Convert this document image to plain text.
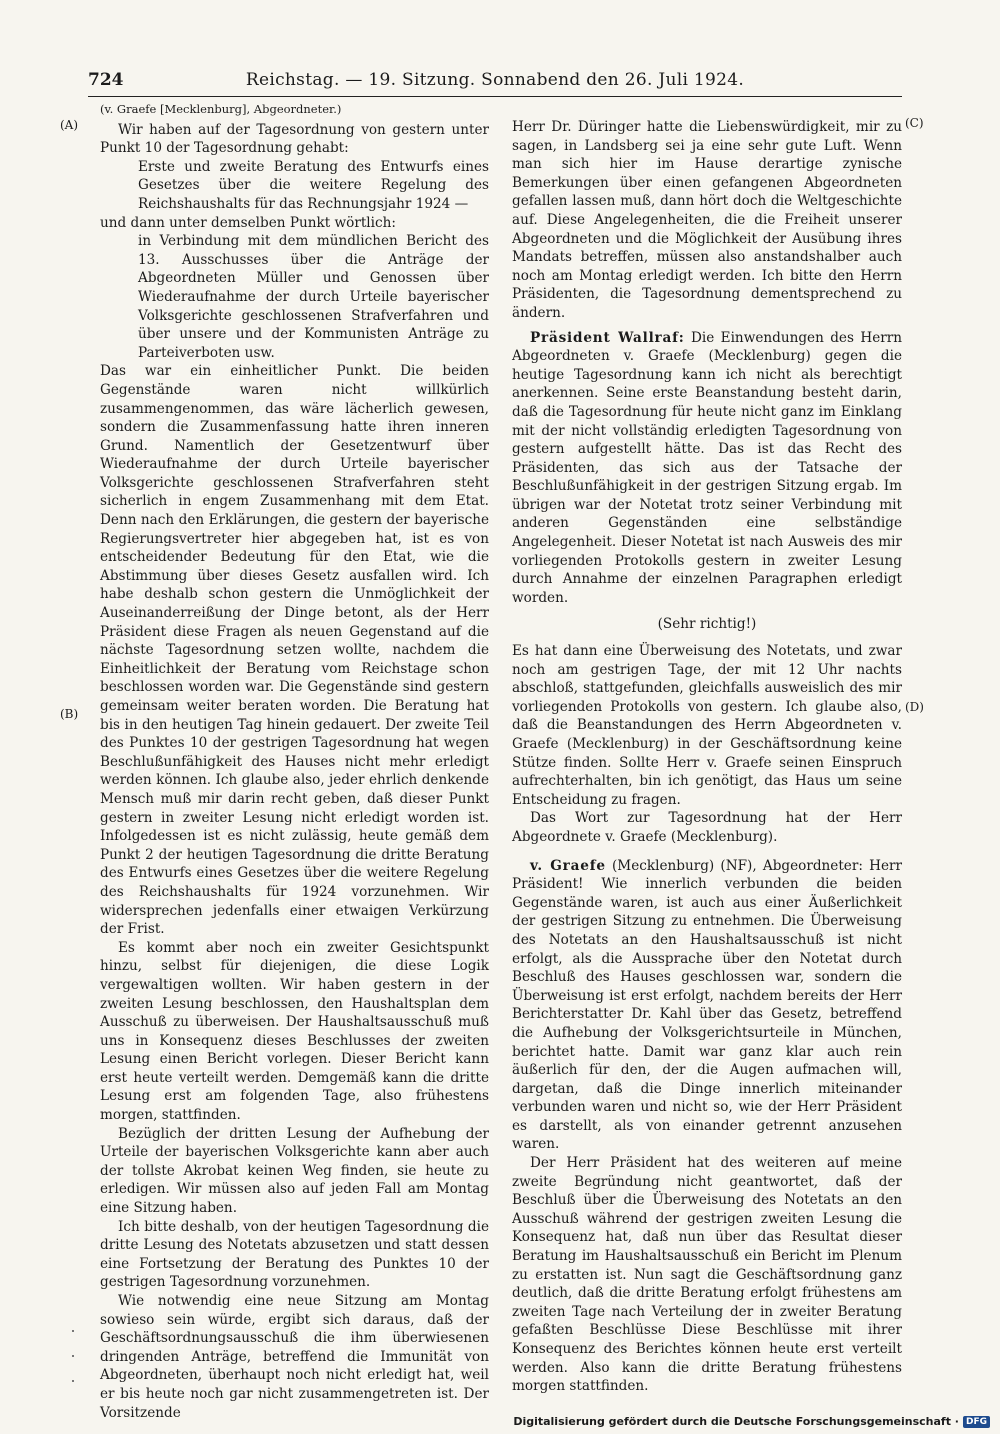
724	Reichstag. — 19. Sitzung. Sonnabend den 26. Juli 1924.
(A)
(B)
(C)
(D)

(v. Graefe [Mecklenburg], Abgeordneter.)

Wir haben auf der Tagesordnung von gestern unter Punkt 10 der Tagesordnung gehabt:

Erste und zweite Beratung des Entwurfs eines Gesetzes über die weitere Regelung des Reichshaushalts für das Rechnungsjahr 1924 —

und dann unter demselben Punkt wörtlich:

in Verbindung mit dem mündlichen Bericht des 13. Ausschusses über die Anträge der Abgeordneten Müller und Genossen über Wiederaufnahme der durch Urteile bayerischer Volksgerichte geschlossenen Strafverfahren und über unsere und der Kommunisten Anträge zu Parteiverboten usw.

Das war ein einheitlicher Punkt. Die beiden Gegenstände waren nicht willkürlich zusammengenommen, das wäre lächerlich gewesen, sondern die Zusammenfassung hatte ihren inneren Grund. Namentlich der Gesetzentwurf über Wiederaufnahme der durch Urteile bayerischer Volksgerichte geschlossenen Strafverfahren steht sicherlich in engem Zusammenhang mit dem Etat. Denn nach den Erklärungen, die gestern der bayerische Regierungsvertreter hier abgegeben hat, ist es von entscheidender Bedeutung für den Etat, wie die Abstimmung über dieses Gesetz ausfallen wird. Ich habe deshalb schon gestern die Unmöglichkeit der Auseinanderreißung der Dinge betont, als der Herr Präsident diese Fragen als neuen Gegenstand auf die nächste Tagesordnung setzen wollte, nachdem die Einheitlichkeit der Beratung vom Reichstage schon beschlossen worden war. Die Gegenstände sind gestern gemeinsam weiter beraten worden. Die Beratung hat bis in den heutigen Tag hinein gedauert. Der zweite Teil des Punktes 10 der gestrigen Tagesordnung hat wegen Beschlußunfähigkeit des Hauses nicht mehr erledigt werden können. Ich glaube also, jeder ehrlich denkende Mensch muß mir darin recht geben, daß dieser Punkt gestern in zweiter Lesung nicht erledigt worden ist. Infolgedessen ist es nicht zulässig, heute gemäß dem Punkt 2 der heutigen Tagesordnung die dritte Beratung des Entwurfs eines Gesetzes über die weitere Regelung des Reichshaushalts für 1924 vorzunehmen. Wir widersprechen jedenfalls einer etwaigen Verkürzung der Frist.

Es kommt aber noch ein zweiter Gesichtspunkt hinzu, selbst für diejenigen, die diese Logik vergewaltigen wollten. Wir haben gestern in der zweiten Lesung beschlossen, den Haushaltsplan dem Ausschuß zu überweisen. Der Haushaltsausschuß muß uns in Konsequenz dieses Beschlusses der zweiten Lesung einen Bericht vorlegen. Dieser Bericht kann erst heute verteilt werden. Demgemäß kann die dritte Lesung erst am folgenden Tage, also frühestens morgen, stattfinden.

Bezüglich der dritten Lesung der Aufhebung der Urteile der bayerischen Volksgerichte kann aber auch der tollste Akrobat keinen Weg finden, sie heute zu erledigen. Wir müssen also auf jeden Fall am Montag eine Sitzung haben.

Ich bitte deshalb, von der heutigen Tagesordnung die dritte Lesung des Notetats abzusetzen und statt dessen eine Fortsetzung der Beratung des Punktes 10 der gestrigen Tagesordnung vorzunehmen.

Wie notwendig eine neue Sitzung am Montag sowieso sein würde, ergibt sich daraus, daß der Geschäftsordnungsausschuß die ihm überwiesenen dringenden Anträge, betreffend die Immunität von Abgeordneten, überhaupt noch nicht erledigt hat, weil er bis heute noch gar nicht zusammengetreten ist. Der Vorsitzende

Herr Dr. Düringer hatte die Liebenswürdigkeit, mir zu sagen, in Landsberg sei ja eine sehr gute Luft. Wenn man sich hier im Hause derartige zynische Bemerkungen über einen gefangenen Abgeordneten gefallen lassen muß, dann hört doch die Weltgeschichte auf. Diese Angelegenheiten, die die Freiheit unserer Abgeordneten und die Möglichkeit der Ausübung ihres Mandats betreffen, müssen also anstandshalber auch noch am Montag erledigt werden. Ich bitte den Herrn Präsidenten, die Tagesordnung dementsprechend zu ändern.

Präsident Wallraf: Die Einwendungen des Herrn Abgeordneten v. Graefe (Mecklenburg) gegen die heutige Tagesordnung kann ich nicht als berechtigt anerkennen. Seine erste Beanstandung besteht darin, daß die Tagesordnung für heute nicht ganz im Einklang mit der nicht vollständig erledigten Tagesordnung von gestern aufgestellt hätte. Das ist das Recht des Präsidenten, das sich aus der Tatsache der Beschlußunfähigkeit in der gestrigen Sitzung ergab. Im übrigen war der Notetat trotz seiner Verbindung mit anderen Gegenständen eine selbständige Angelegenheit. Dieser Notetat ist nach Ausweis des mir vorliegenden Protokolls gestern in zweiter Lesung durch Annahme der einzelnen Paragraphen erledigt worden.

(Sehr richtig!)

Es hat dann eine Überweisung des Notetats, und zwar noch am gestrigen Tage, der mit 12 Uhr nachts abschloß, stattgefunden, gleichfalls ausweislich des mir vorliegenden Protokolls von gestern. Ich glaube also, daß die Beanstandungen des Herrn Abgeordneten v. Graefe (Mecklenburg) in der Geschäftsordnung keine Stütze finden. Sollte Herr v. Graefe seinen Einspruch aufrechterhalten, bin ich genötigt, das Haus um seine Entscheidung zu fragen.

Das Wort zur Tagesordnung hat der Herr Abgeordnete v. Graefe (Mecklenburg).

v. Graefe (Mecklenburg) (NF), Abgeordneter: Herr Präsident! Wie innerlich verbunden die beiden Gegenstände waren, ist auch aus einer Äußerlichkeit der gestrigen Sitzung zu entnehmen. Die Überweisung des Notetats an den Haushaltsausschuß ist nicht erfolgt, als die Aussprache über den Notetat durch Beschluß des Hauses geschlossen war, sondern die Überweisung ist erst erfolgt, nachdem bereits der Herr Berichterstatter Dr. Kahl über das Gesetz, betreffend die Aufhebung der Volksgerichtsurteile in München, berichtet hatte. Damit war ganz klar auch rein äußerlich für den, der die Augen aufmachen will, dargetan, daß die Dinge innerlich miteinander verbunden waren und nicht so, wie der Herr Präsident es darstellt, als von einander getrennt anzusehen waren.

Der Herr Präsident hat des weiteren auf meine zweite Begründung nicht geantwortet, daß der Beschluß über die Überweisung des Notetats an den Ausschuß während der gestrigen zweiten Lesung die Konsequenz hat, daß nun über das Resultat dieser Beratung im Haushaltsausschuß ein Bericht im Plenum zu erstatten ist. Nun sagt die Geschäftsordnung ganz deutlich, daß die dritte Beratung erfolgt frühestens am zweiten Tage nach Verteilung der in zweiter Beratung gefaßten Beschlüsse Diese Beschlüsse mit ihrer Konsequenz des Berichtes können heute erst verteilt werden. Also kann die dritte Beratung frühestens morgen stattfinden.

Digitalisierung gefördert durch die Deutsche Forschungsgemeinschaft · DFG
